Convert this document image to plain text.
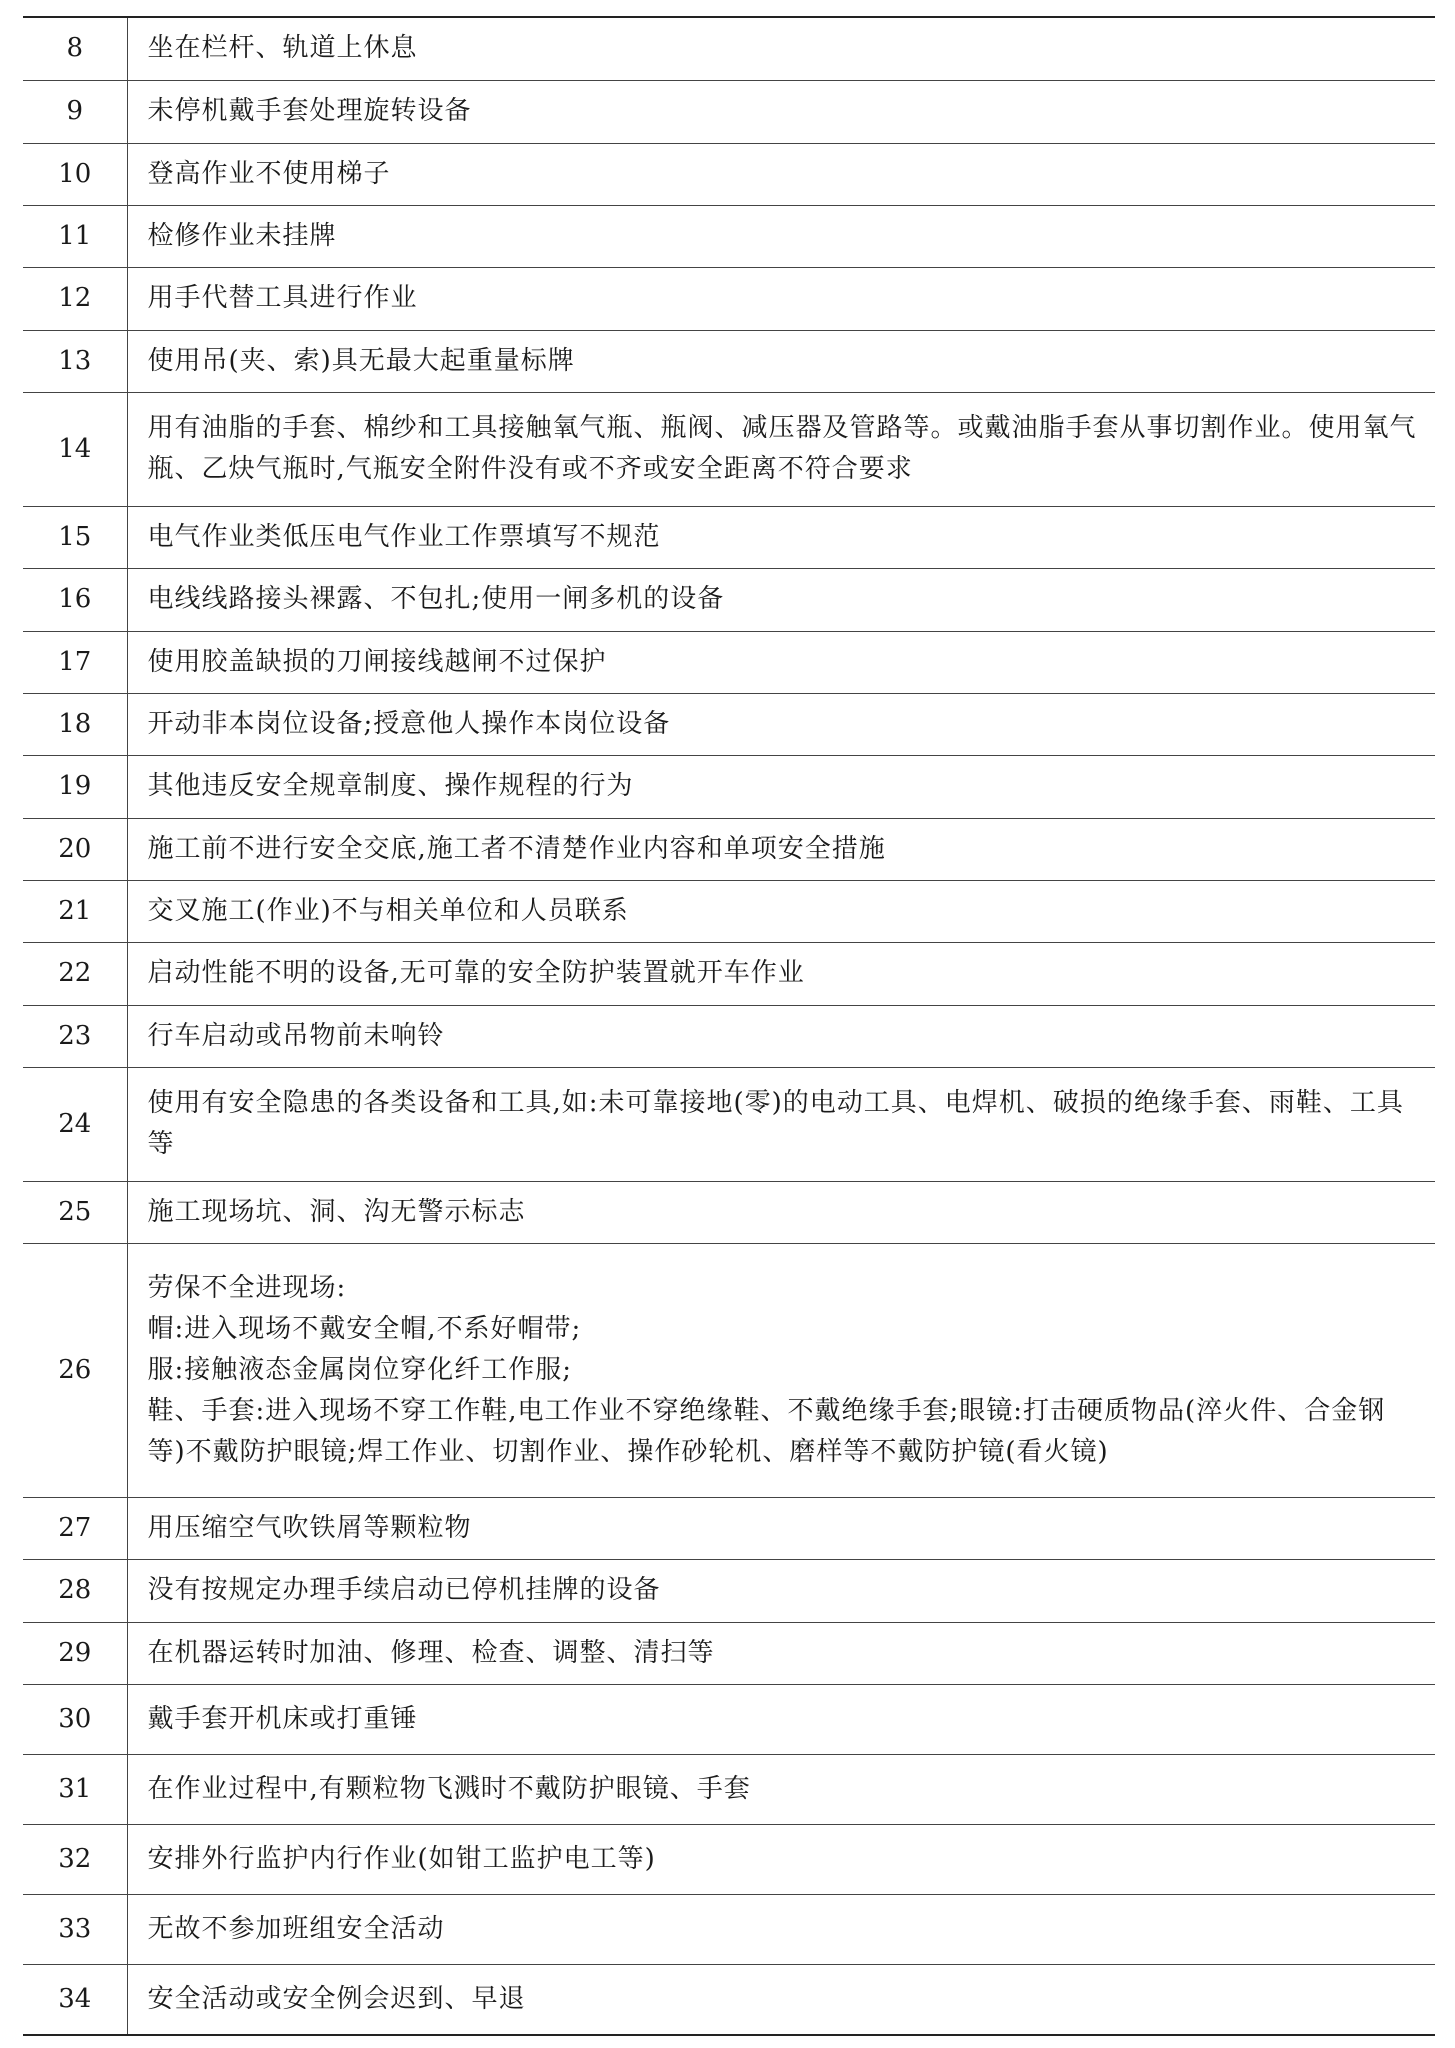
8	坐在栏杆、轨道上休息
9	未停机戴手套处理旋转设备
10	登高作业不使用梯子
11	检修作业未挂牌
12	用手代替工具进行作业
13	使用吊(夹、索)具无最大起重量标牌
14	用有油脂的手套、棉纱和工具接触氧气瓶、瓶阀、减压器及管路等。或戴油脂手套从事切割作业。使用氧气瓶、乙炔气瓶时,气瓶安全附件没有或不齐或安全距离不符合要求
15	电气作业类低压电气作业工作票填写不规范
16	电线线路接头裸露、不包扎;使用一闸多机的设备
17	使用胶盖缺损的刀闸接线越闸不过保护
18	开动非本岗位设备;授意他人操作本岗位设备
19	其他违反安全规章制度、操作规程的行为
20	施工前不进行安全交底,施工者不清楚作业内容和单项安全措施
21	交叉施工(作业)不与相关单位和人员联系
22	启动性能不明的设备,无可靠的安全防护装置就开车作业
23	行车启动或吊物前未响铃
24	使用有安全隐患的各类设备和工具,如:未可靠接地(零)的电动工具、电焊机、破损的绝缘手套、雨鞋、工具等
25	施工现场坑、洞、沟无警示标志
26	劳保不全进现场:
帽:进入现场不戴安全帽,不系好帽带;
服:接触液态金属岗位穿化纤工作服;
鞋、手套:进入现场不穿工作鞋,电工作业不穿绝缘鞋、不戴绝缘手套;眼镜:打击硬质物品(淬火件、合金钢等)不戴防护眼镜;焊工作业、切割作业、操作砂轮机、磨样等不戴防护镜(看火镜)
27	用压缩空气吹铁屑等颗粒物
28	没有按规定办理手续启动已停机挂牌的设备
29	在机器运转时加油、修理、检查、调整、清扫等
30	戴手套开机床或打重锤
31	在作业过程中,有颗粒物飞溅时不戴防护眼镜、手套
32	安排外行监护内行作业(如钳工监护电工等)
33	无故不参加班组安全活动
34	安全活动或安全例会迟到、早退
